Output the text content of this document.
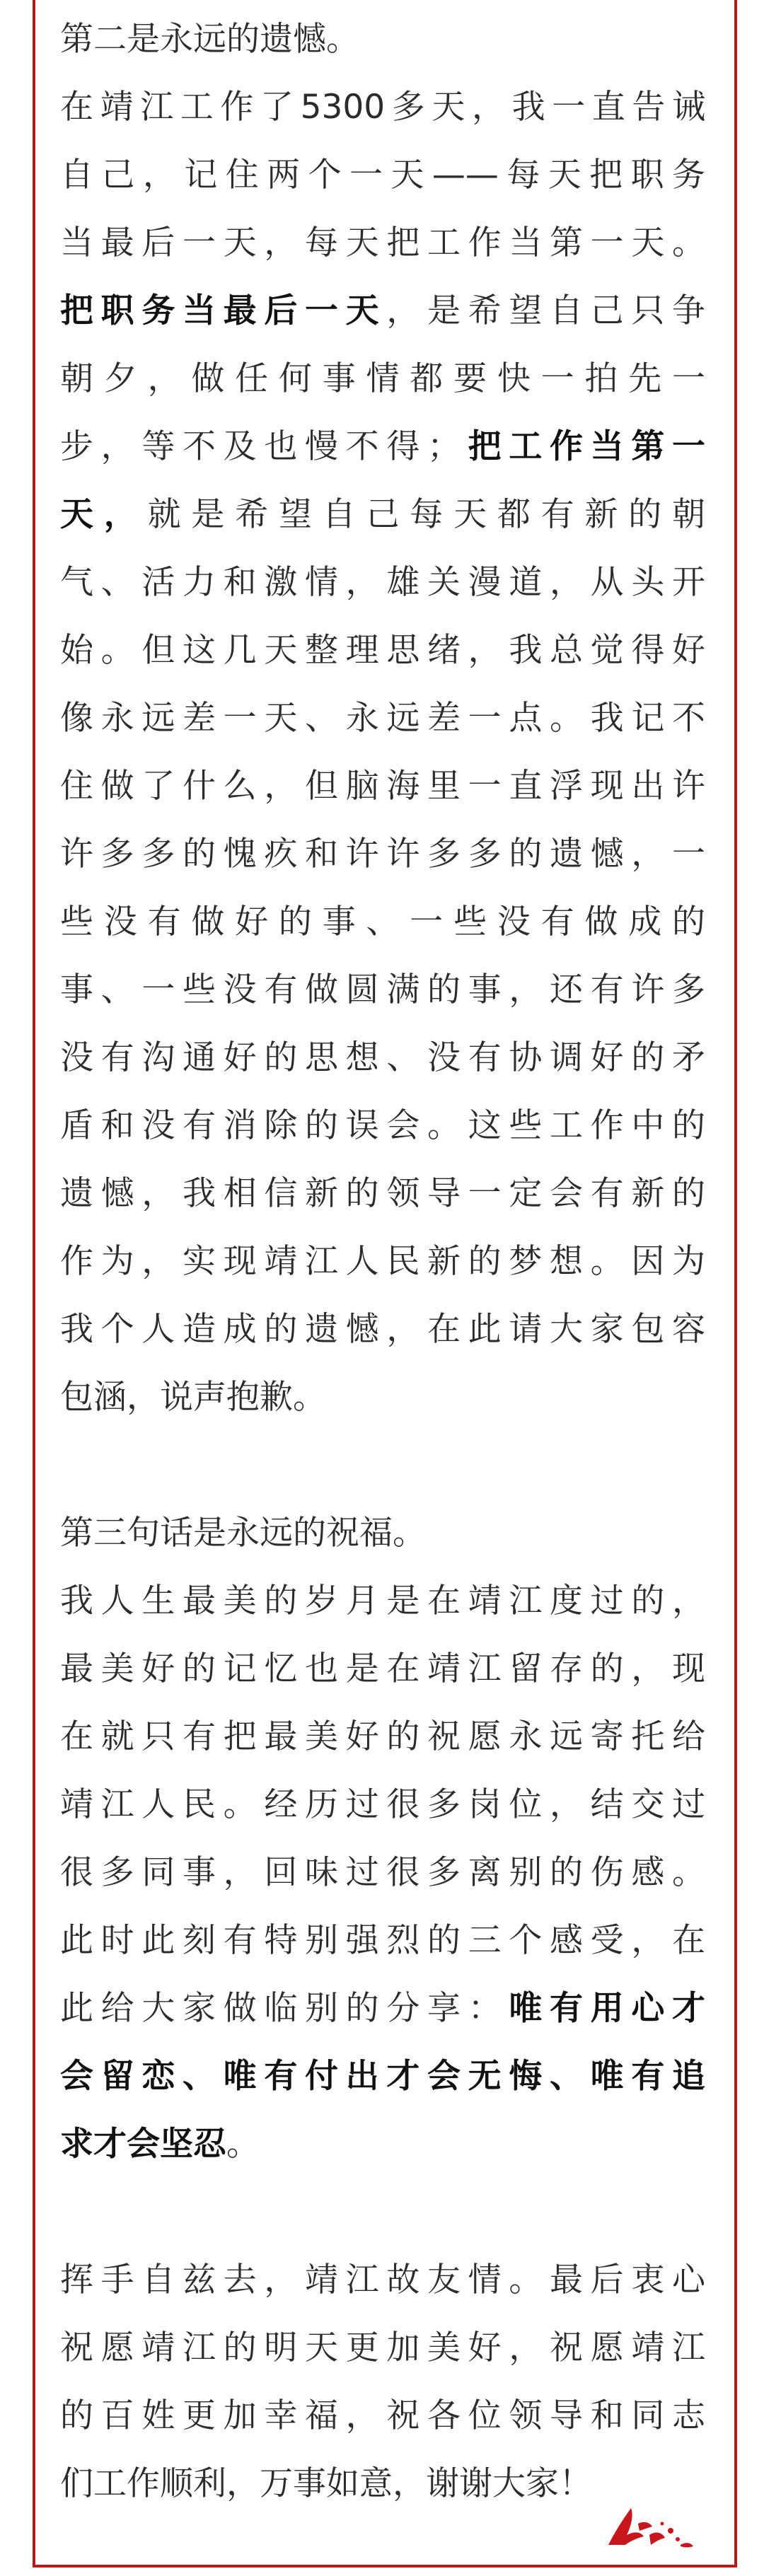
第二是永远的遗憾。
在靖江工作了5300多天，我一直告诫
自己，记住两个一天——每天把职务
当最后一天，每天把工作当第一天。
把职务当最后一天，是希望自己只争
朝夕，做任何事情都要快一拍先一
步，等不及也慢不得；把工作当第一
天，就是希望自己每天都有新的朝
气、活力和激情，雄关漫道，从头开
始。但这几天整理思绪，我总觉得好
像永远差一天、永远差一点。我记不
住做了什么，但脑海里一直浮现出许
许多多的愧疚和许许多多的遗憾，一
些没有做好的事、一些没有做成的
事、一些没有做圆满的事，还有许多
没有沟通好的思想、没有协调好的矛
盾和没有消除的误会。这些工作中的
遗憾，我相信新的领导一定会有新的
作为，实现靖江人民新的梦想。因为
我个人造成的遗憾，在此请大家包容
包涵，说声抱歉。
第三句话是永远的祝福。
我人生最美的岁月是在靖江度过的，
最美好的记忆也是在靖江留存的，现
在就只有把最美好的祝愿永远寄托给
靖江人民。经历过很多岗位，结交过
很多同事，回味过很多离别的伤感。
此时此刻有特别强烈的三个感受，在
此给大家做临别的分享：唯有用心才
会留恋、唯有付出才会无悔、唯有追
求才会坚忍。
挥手自兹去，靖江故友情。最后衷心
祝愿靖江的明天更加美好，祝愿靖江
的百姓更加幸福，祝各位领导和同志
们工作顺利，万事如意，谢谢大家！
